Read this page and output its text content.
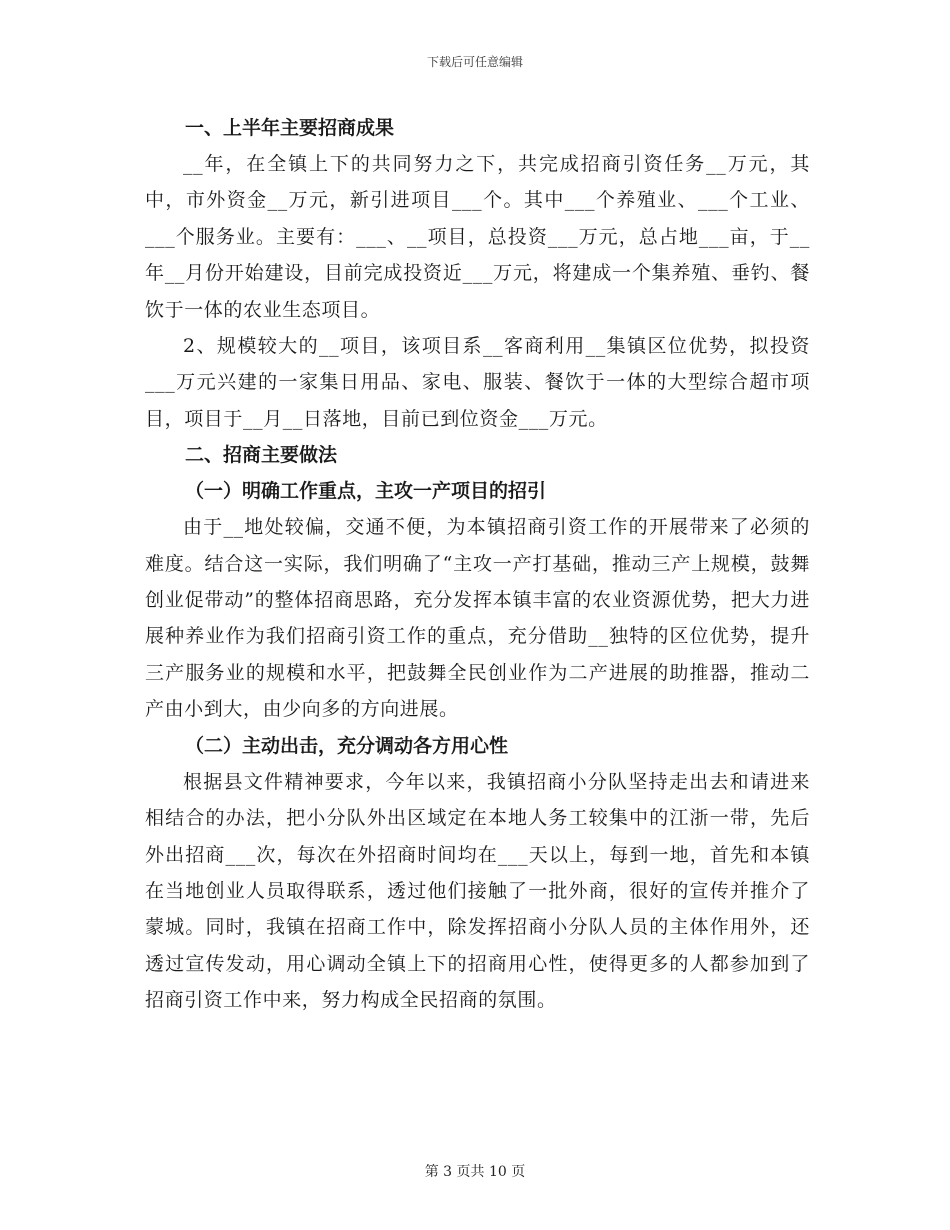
下载后可任意编辑
一、上半年主要招商成果

__年，在全镇上下的共同努力之下，共完成招商引资任务__万元，其中，市外资金__万元，新引进项目___个。其中___个养殖业、___个工业、___个服务业。主要有：___、__项目，总投资___万元，总占地___亩，于__年__月份开始建设，目前完成投资近___万元，将建成一个集养殖、垂钓、餐饮于一体的农业生态项目。

2、规模较大的__项目，该项目系__客商利用__集镇区位优势，拟投资___万元兴建的一家集日用品、家电、服装、餐饮于一体的大型综合超市项目，项目于__月__日落地，目前已到位资金___万元。

二、招商主要做法
（一）明确工作重点，主攻一产项目的招引

由于__地处较偏，交通不便，为本镇招商引资工作的开展带来了必须的难度。结合这一实际，我们明确了“主攻一产打基础，推动三产上规模，鼓舞创业促带动”的整体招商思路，充分发挥本镇丰富的农业资源优势，把大力进展种养业作为我们招商引资工作的重点，充分借助__独特的区位优势，提升三产服务业的规模和水平，把鼓舞全民创业作为二产进展的助推器，推动二产由小到大，由少向多的方向进展。

（二）主动出击，充分调动各方用心性

根据县文件精神要求，今年以来，我镇招商小分队坚持走出去和请进来相结合的办法，把小分队外出区域定在本地人务工较集中的江浙一带，先后外出招商___次，每次在外招商时间均在___天以上，每到一地，首先和本镇在当地创业人员取得联系，透过他们接触了一批外商，很好的宣传并推介了蒙城。同时，我镇在招商工作中，除发挥招商小分队人员的主体作用外，还透过宣传发动，用心调动全镇上下的招商用心性，使得更多的人都参加到了招商引资工作中来，努力构成全民招商的氛围。

第 3 页共 10 页
